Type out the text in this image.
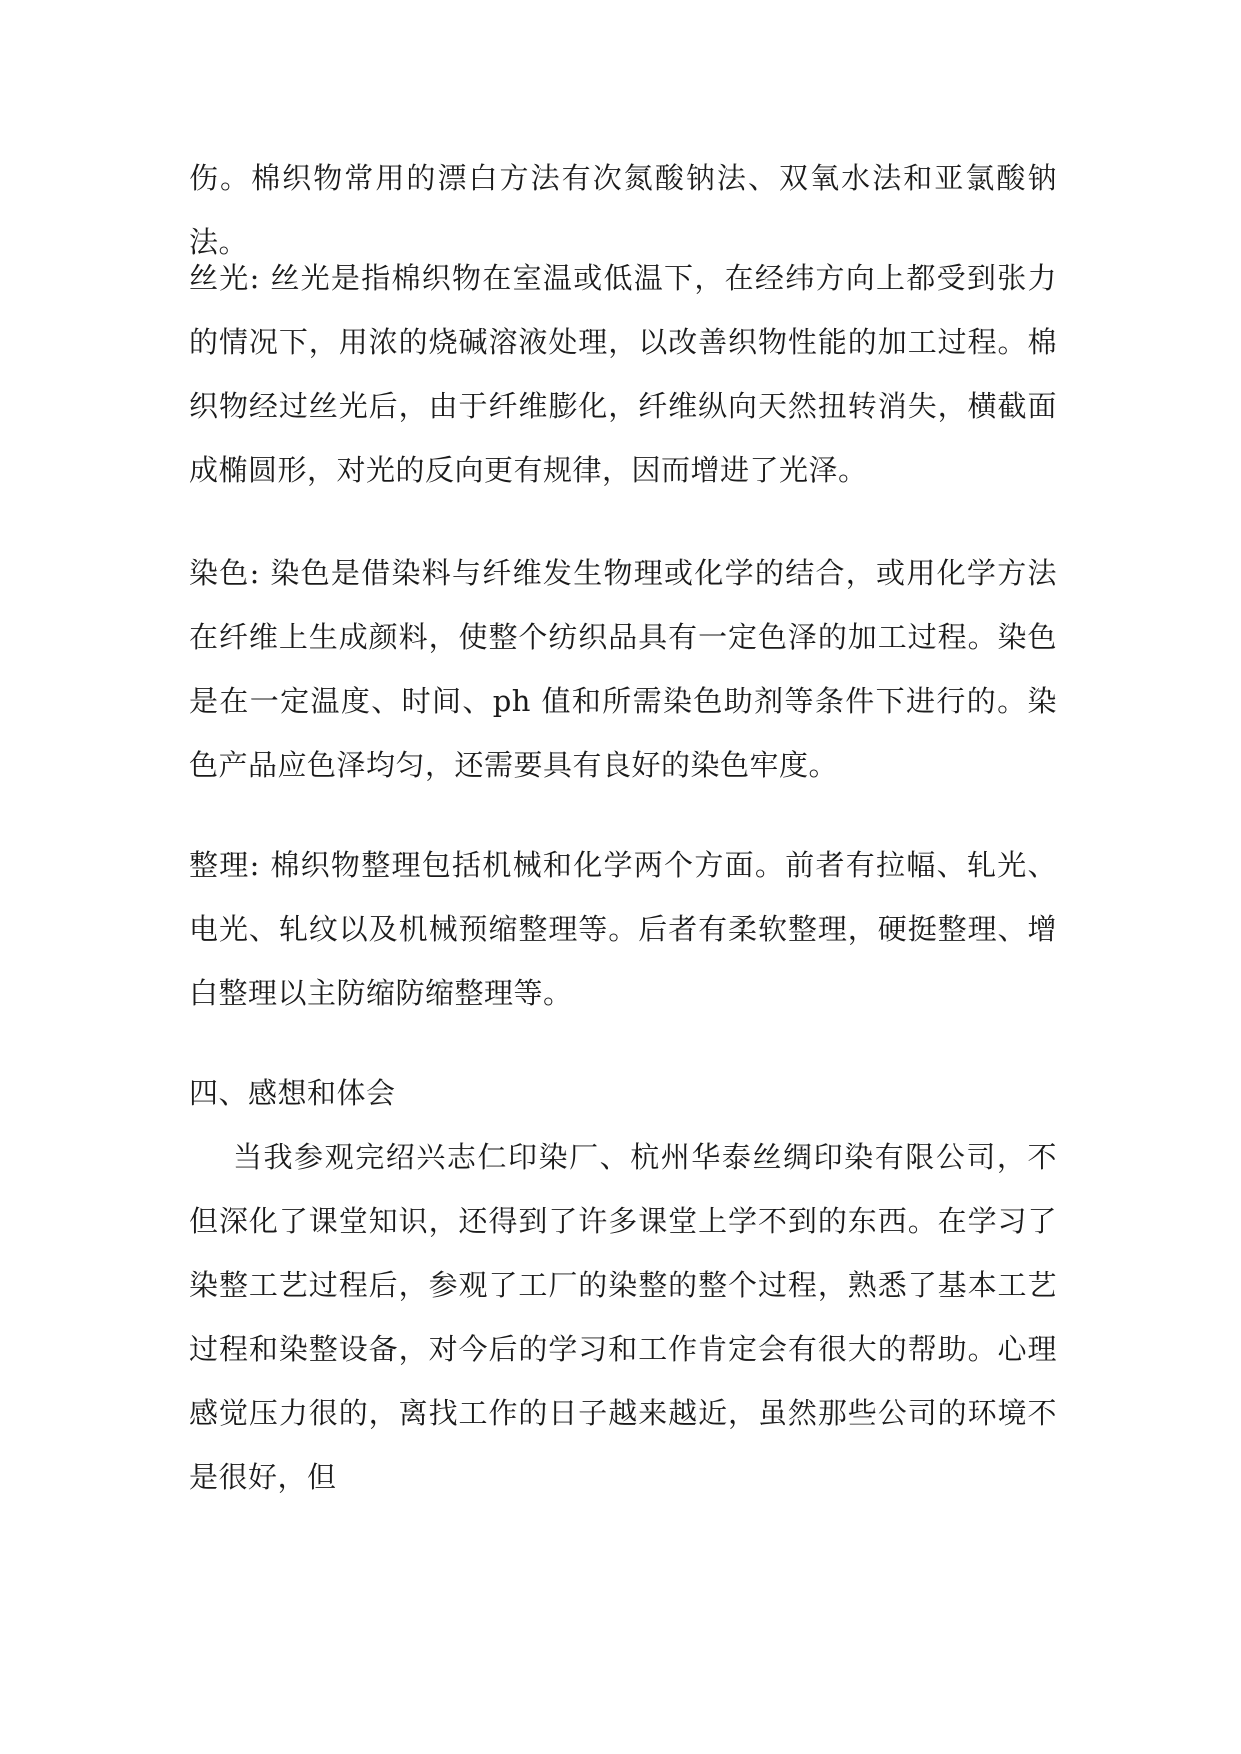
伤。棉织物常用的漂白方法有次氮酸钠法、双氧水法和亚氯酸钠法。

丝光: 丝光是指棉织物在室温或低温下，在经纬方向上都受到张力的情况下，用浓的烧碱溶液处理，以改善织物性能的加工过程。棉织物经过丝光后，由于纤维膨化，纤维纵向天然扭转消失，横截面成椭圆形，对光的反向更有规律，因而增进了光泽。

染色: 染色是借染料与纤维发生物理或化学的结合，或用化学方法在纤维上生成颜料，使整个纺织品具有一定色泽的加工过程。染色是在一定温度、时间、ph 值和所需染色助剂等条件下进行的。染色产品应色泽均匀，还需要具有良好的染色牢度。

整理: 棉织物整理包括机械和化学两个方面。前者有拉幅、轧光、电光、轧纹以及机械预缩整理等。后者有柔软整理，硬挺整理、增白整理以主防缩防缩整理等。

四、感想和体会

当我参观完绍兴志仁印染厂、杭州华泰丝绸印染有限公司，不但深化了课堂知识，还得到了许多课堂上学不到的东西。在学习了染整工艺过程后，参观了工厂的染整的整个过程，熟悉了基本工艺过程和染整设备，对今后的学习和工作肯定会有很大的帮助。心理感觉压力很的，离找工作的日子越来越近，虽然那些公司的环境不是很好，但
